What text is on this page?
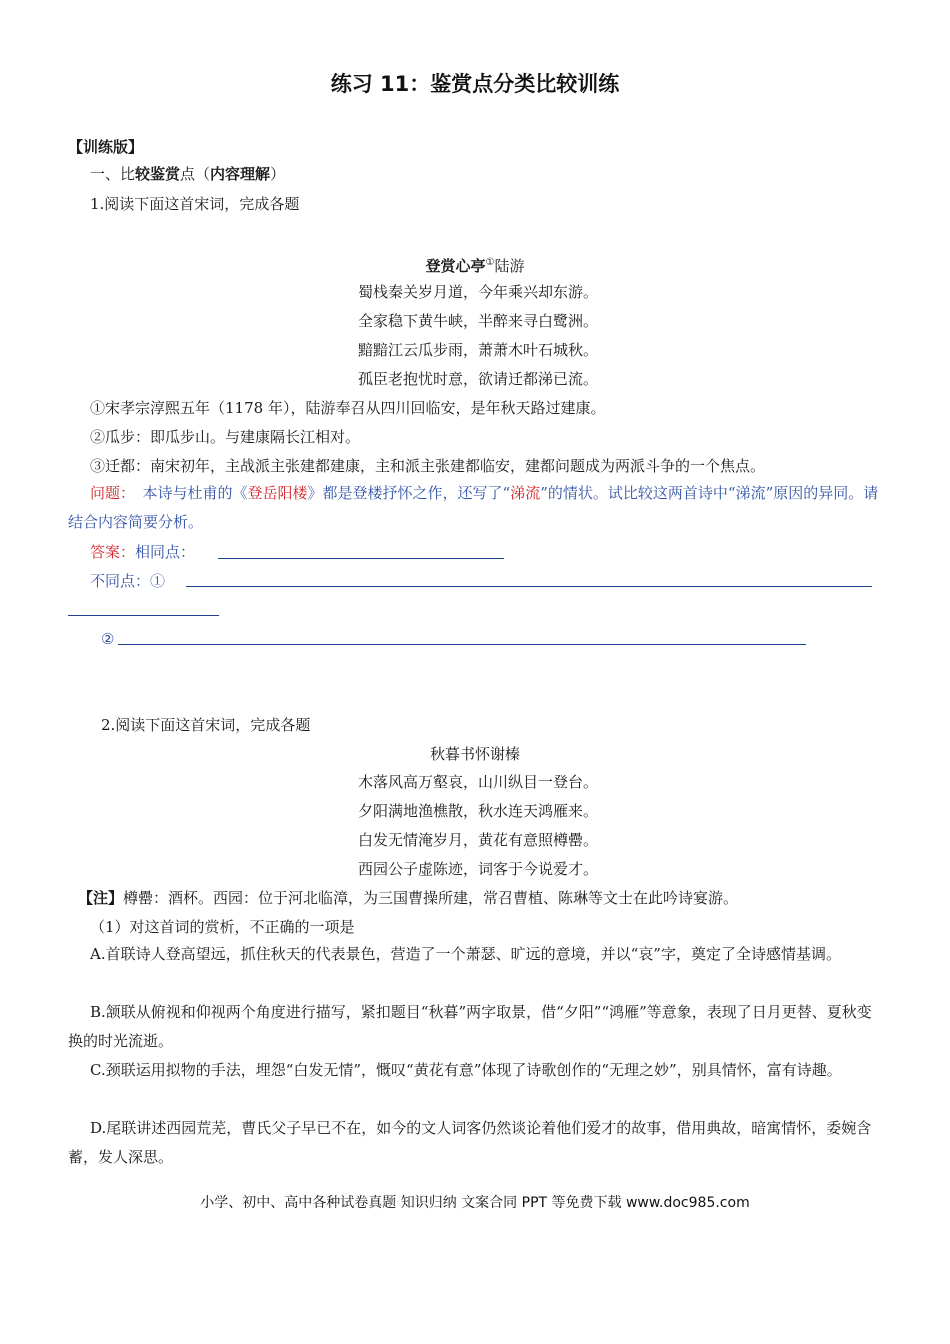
练习 11：鉴赏点分类比较训练
【训练版】
一、比较鉴赏点（内容理解）
1.阅读下面这首宋词，完成各题
登赏心亭①陆游
蜀栈秦关岁月道，今年乘兴却东游。
全家稳下黄牛峡，半醉来寻白鹭洲。
黯黯江云瓜步雨，萧萧木叶石城秋。
孤臣老抱忧时意，欲请迁都涕已流。
①宋孝宗淳熙五年（1178 年），陆游奉召从四川回临安，是年秋天路过建康。
②瓜步：即瓜步山。与建康隔长江相对。
③迁都：南宋初年，主战派主张建都建康，主和派主张建都临安，建都问题成为两派斗争的一个焦点。
问题：　本诗与杜甫的《登岳阳楼》都是登楼抒怀之作，还写了“涕流”的情状。试比较这两首诗中“涕流”原因的异同。请结合内容简要分析。
答案：相同点：
不同点：①
②
2.阅读下面这首宋词，完成各题
秋暮书怀谢榛
木落风高万壑哀，山川纵目一登台。
夕阳满地渔樵散，秋水连天鸿雁来。
白发无情淹岁月，黄花有意照樽罍。
西园公子虚陈迹，词客于今说爱才。
【注】樽罍：酒杯。西园：位于河北临漳，为三国曹操所建，常召曹植、陈琳等文士在此吟诗宴游。
（1）对这首词的赏析，不正确的一项是
A.首联诗人登高望远，抓住秋天的代表景色，营造了一个萧瑟、旷远的意境，并以“哀”字，奠定了全诗感情基调。
B.颔联从俯视和仰视两个角度进行描写，紧扣题目“秋暮”两字取景，借“夕阳”“鸿雁”等意象，表现了日月更替、夏秋变换的时光流逝。
C.颈联运用拟物的手法，埋怨“白发无情”，慨叹“黄花有意”体现了诗歌创作的“无理之妙”，别具情怀，富有诗趣。
D.尾联讲述西园荒芜，曹氏父子早已不在，如今的文人词客仍然谈论着他们爱才的故事，借用典故，暗寓情怀，委婉含蓄，发人深思。
小学、初中、高中各种试卷真题 知识归纳 文案合同 PPT 等免费下载 www.doc985.com
